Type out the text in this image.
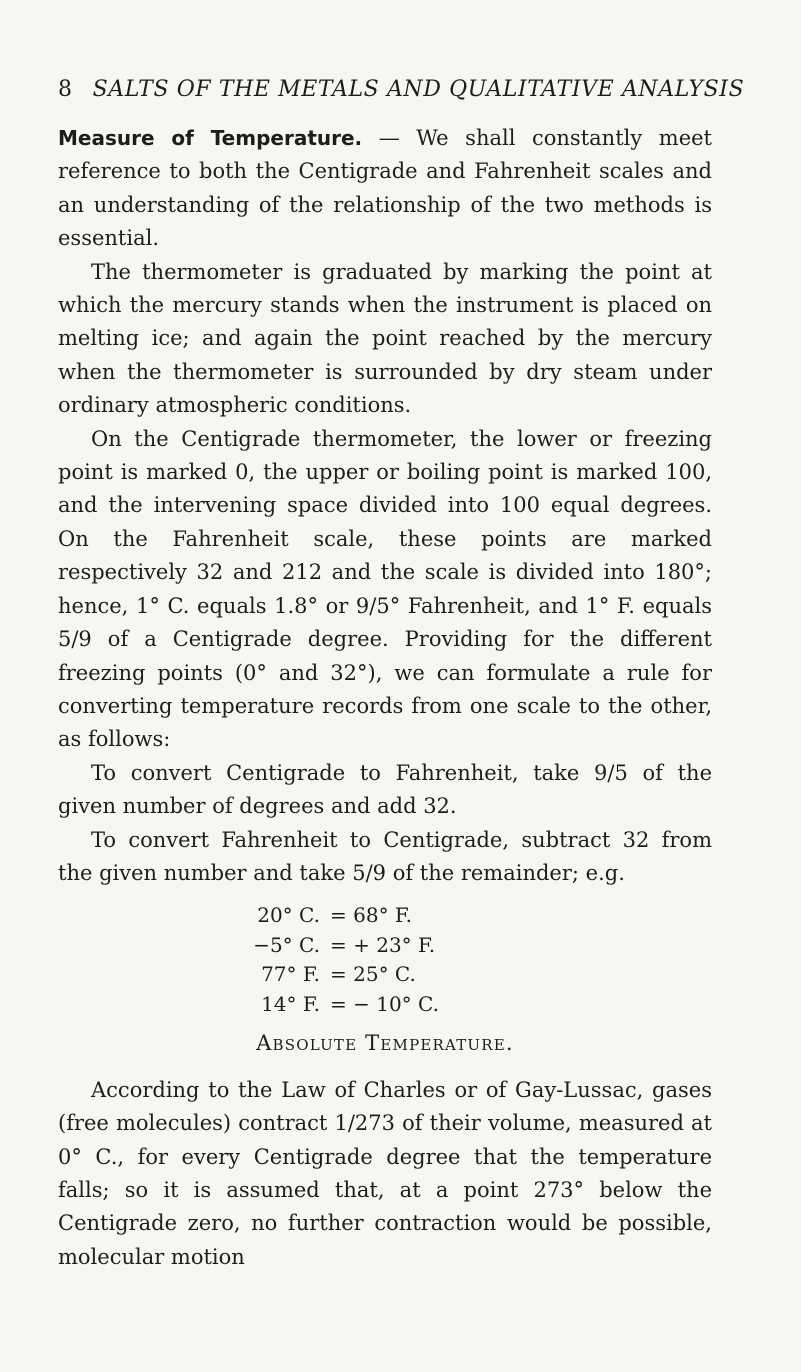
8 SALTS OF THE METALS AND QUALITATIVE ANALYSIS

Measure of Temperature. — We shall constantly meet reference to both the Centigrade and Fahrenheit scales and an understanding of the relationship of the two methods is essential.

The thermometer is graduated by marking the point at which the mercury stands when the instrument is placed on melting ice; and again the point reached by the mercury when the thermometer is surrounded by dry steam under ordinary atmospheric conditions.

On the Centigrade thermometer, the lower or freezing point is marked 0, the upper or boiling point is marked 100, and the intervening space divided into 100 equal degrees. On the Fahrenheit scale, these points are marked respectively 32 and 212 and the scale is divided into 180°; hence, 1° C. equals 1.8° or 9/5° Fahrenheit, and 1° F. equals 5/9 of a Centigrade degree. Providing for the different freezing points (0° and 32°), we can formulate a rule for converting temperature records from one scale to the other, as follows:

To convert Centigrade to Fahrenheit, take 9/5 of the given number of degrees and add 32.

To convert Fahrenheit to Centigrade, subtract 32 from the given number and take 5/9 of the remainder; e.g.

20° C. = 68° F.
−5° C. = + 23° F.
77° F. = 25° C.
14° F. = − 10° C.
Absolute Temperature.

According to the Law of Charles or of Gay-Lussac, gases (free molecules) contract 1/273 of their volume, measured at 0° C., for every Centigrade degree that the temperature falls; so it is assumed that, at a point 273° below the Centigrade zero, no further contraction would be possible, molecular motion
